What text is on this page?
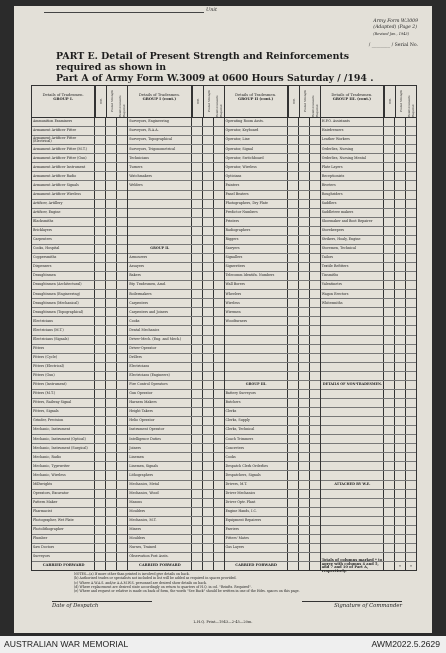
Unit
Army Form W.3009
(Adapted) (Page 2)
(Revised Jan., 1943)
/ ________ / Serial No.
PART E. Detail of Present Strength and Reinforcements required as shown in
Part A of Army Form W.3009 at 0600 Hours Saturday / /194 .
Details of Tradesmen.
GROUP I.	W.E.	Posted Strength	Reinforcements Required
Ammunition Examiners
Armament Artificer Fitter
Armament Artificer Fitter (Electrical)
Armament Artificer Fitter (M.T.)
Armament Artificer Fitter (Gun)
Armament Artificer Instrument
Armament Artificer Radio
Armament Artificer Signals
Armament Artificer Wireless
Artificer, Artillery
Artificer, Engine
Blacksmiths
Bricklayers
Carpenters
Cooks, Hospital
Coppersmiths
Dispensers
Draughtsmen
Draughtsmen (Architectural)
Draughtsmen (Engineering)
Draughtsmen (Mechanical)
Draughtsmen (Topographical)
Electricians
Electricians (M.T.)
Electricians (Signals)
Fitters
Fitters (Cycle)
Fitters (Electrical)
Fitters (Gun)
Fitters (Instrument)
Fitters (M.T.)
Fitters, Railway Signal
Fitters, Signals
Grinder, Precision
Mechanic, Instrument
Mechanic, Instrument (Optical)
Mechanic, Instrument (Surgical)
Mechanic, Radio
Mechanic, Typewriter
Mechanic, Wireless
Millwrights
Operators, Excavator
Pattern Maker
Pharmacist
Photographer, Wet Plate
Photolithographer
Plumber
Saw Doctors
Surveyors
CARRIED FORWARD
Details of Tradesmen.
GROUP I (cont.)	W.E.	Posted Strength	Reinforcements Required
Surveyors, Engineering
Surveyors, R.A.A.
Surveyors, Topographical
Surveyors, Trigonometrical
Technicians
Turners
Watchmakers
Welders
GROUP II.
Armourers
Assayers
Bakers
Bty. Tradesmen, Amd.
Boilermakers
Carpenters
Carpenters and Joiners
Cooks
Dental Mechanics
Driver-Mech. (Eng. and Mech.)
Driver-Operator
Drillers
Electricians
Electricians (Engineers)
Fire Control Operators
Gun Operator
Harness Makers
Height Takers
Helio Operator
Instrument Operator
Intelligence Duties
Joiners
Linemen
Linemen, Signals
Lithographers
Mechanics, Metal
Mechanics, Wood
Masons
Moulders
Mechanics, M.T.
Miners
Moulders
Nurses, Trained
Observation Post Assts.
CARRIED FORWARD
Details of Tradesmen.
GROUP II (cont.)	W.E.	Posted Strength	Reinforcements Required
Operating Room Assts.
Operator, Keyboard
Operator, Line
Operator, Signal
Operator, Switchboard
Operator, Wireless
Opticians
Painters
Panel Beaters
Photographers, Dry Plate
Predictor Numbers
Printers
Radiographers
Riggers
Sawyers
Signallers
Signwriters
Telecomm Identifn. Numbers
Wall Borers
Wheelers
Wireless
Wiremen
Woodturners
GROUP III.
Battery Surveyors
Butchers
Clerks
Clerks, Supply
Clerks, Technical
Coach Trimmers
Concreters
Cooks
Despatch Clerk Orderlies
Despatchers, Signals
Drivers, M.T.
Driver Mechanics
Driver Optr. Plant
Engine Hands, I.C.
Equipment Repairers
Farriers
Fitters' Mates
Gas Layers
CARRIED FORWARD
Details of Tradesmen.
GROUP III. (cont.)	W.E.	Posted Strength	Reinforcements Required
H.P.O. Assistants
Hairdressers
Leather Workers
Orderlies, Nursing
Orderlies, Nursing Mental
Plate Layers
Receptionists
Riveters
Roughriders
Saddlers
Saddletree makers
Shoemaker and Boot Repairer
Storekeepers
Strikers, Hoaly, Engine
Storemen, Technical
Tailors
Textile Refitters
Tinsmiths
Valentinetrs
Wagon Erectors
Whitesmiths
DETAILS OF NON-TRADESMEN.
ATTACHED BY W.E.
Totals of columns marked * to agree with columns 4 and 5, and 7 and 10 of Part A, respectively.
*	*
NOTES—(a) If more other than printed is involved give details on back.
(b) Authorised trades or specialists not included in list will be added as required in spaces provided.
(c) Where A.W.A.S. and/or A.A.M.W.S. personnel are desired show details on back.
(d) Where replacement are desired state accordingly on return to quarters of H.Q. in col. "Reinfts. Required".
(e) Where and request or relative is made on back of form, the words "See Back" should be written in one of the Hdrs. spaces on this page.
Date of Despatch	Signature of Commander
L.H.Q. Print—1943—2-45—20m.
AUSTRALIAN WAR MEMORIAL	AWM2022.5.2629
